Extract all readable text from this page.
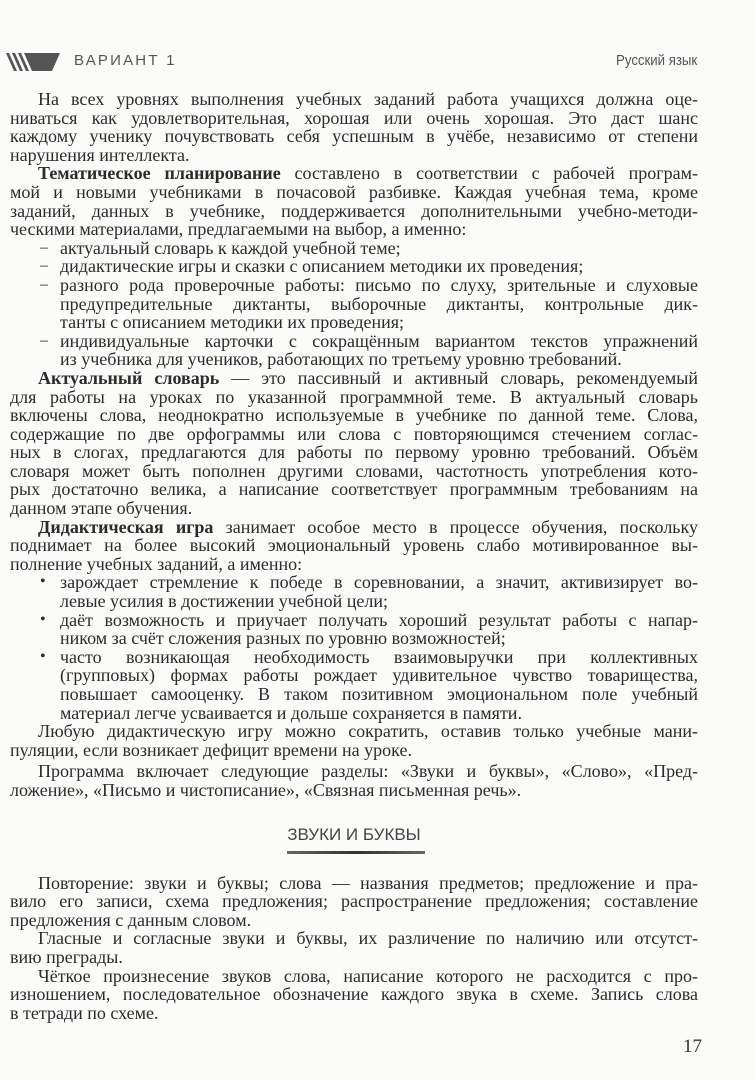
ВАРИАНТ 1	Русский язык
На всех уровнях выполнения учебных заданий работа учащихся должна оце-
ниваться как удовлетворительная, хорошая или очень хорошая. Это даст шанс
каждому ученику почувствовать себя успешным в учёбе, независимо от степени
нарушения интеллекта.
Тематическое планирование составлено в соответствии с рабочей програм-
мой и новыми учебниками в почасовой разбивке. Каждая учебная тема, кроме
заданий, данных в учебнике, поддерживается дополнительными учебно-методи-
ческими материалами, предлагаемыми на выбор, а именно:
– актуальный словарь к каждой учебной теме;
– дидактические игры и сказки с описанием методики их проведения;
– разного рода проверочные работы: письмо по слуху, зрительные и слуховые
предупредительные диктанты, выборочные диктанты, контрольные дик-
танты с описанием методики их проведения;
– индивидуальные карточки с сокращённым вариантом текстов упражнений
из учебника для учеников, работающих по третьему уровню требований.
Актуальный словарь — это пассивный и активный словарь, рекомендуемый
для работы на уроках по указанной программной теме. В актуальный словарь
включены слова, неоднократно используемые в учебнике по данной теме. Слова,
содержащие по две орфограммы или слова с повторяющимся стечением соглас-
ных в слогах, предлагаются для работы по первому уровню требований. Объём
словаря может быть пополнен другими словами, частотность употребления кото-
рых достаточно велика, а написание соответствует программным требованиям на
данном этапе обучения.
Дидактическая игра занимает особое место в процессе обучения, поскольку
поднимает на более высокий эмоциональный уровень слабо мотивированное вы-
полнение учебных заданий, а именно:
• зарождает стремление к победе в соревновании, а значит, активизирует во-
левые усилия в достижении учебной цели;
• даёт возможность и приучает получать хороший результат работы с напар-
ником за счёт сложения разных по уровню возможностей;
• часто возникающая необходимость взаимовыручки при коллективных
(групповых) формах работы рождает удивительное чувство товарищества,
повышает самооценку. В таком позитивном эмоциональном поле учебный
материал легче усваивается и дольше сохраняется в памяти.
Любую дидактическую игру можно сократить, оставив только учебные мани-
пуляции, если возникает дефицит времени на уроке.
Программа включает следующие разделы: «Звуки и буквы», «Слово», «Пред-
ложение», «Письмо и чистописание», «Связная письменная речь».
ЗВУКИ И БУКВЫ
Повторение: звуки и буквы; слова — названия предметов; предложение и пра-
вило его записи, схема предложения; распространение предложения; составление
предложения с данным словом.
Гласные и согласные звуки и буквы, их различение по наличию или отсутст-
вию преграды.
Чёткое произнесение звуков слова, написание которого не расходится с про-
изношением, последовательное обозначение каждого звука в схеме. Запись слова
в тетради по схеме.
17
